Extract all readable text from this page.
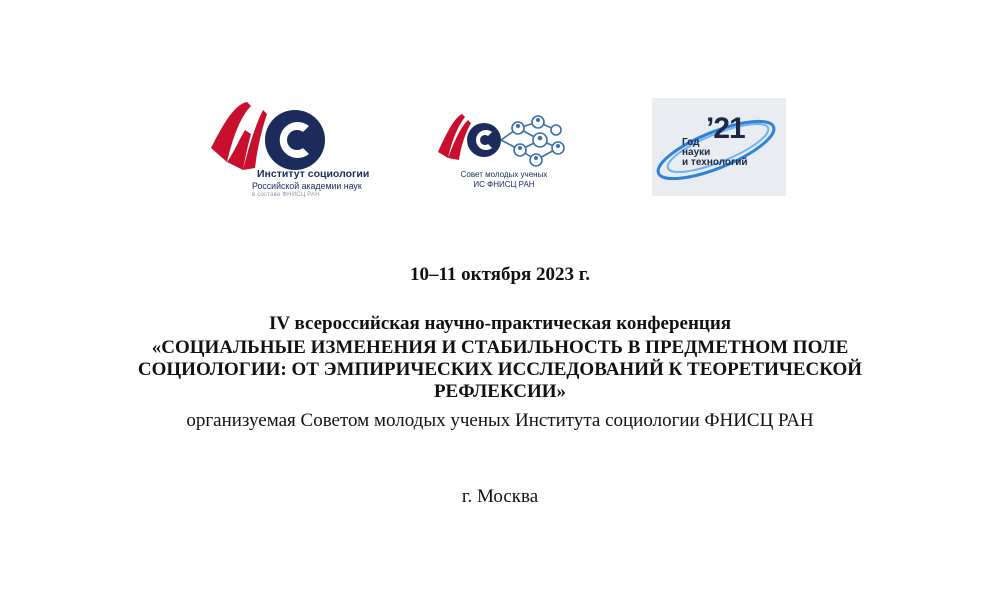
Институт социологии
Российской академии наук
в составе ФНИСЦ РАН
Совет молодых ученых
ИС ФНИСЦ РАН
’21
Год
науки
и технологий
10–11 октября 2023 г.
IV всероссийская научно-практическая конференция
«СОЦИАЛЬНЫЕ ИЗМЕНЕНИЯ И СТАБИЛЬНОСТЬ В ПРЕДМЕТНОМ ПОЛЕ СОЦИОЛОГИИ: ОТ ЭМПИРИЧЕСКИХ ИССЛЕДОВАНИЙ К ТЕОРЕТИЧЕСКОЙ РЕФЛЕКСИИ»
организуемая Советом молодых ученых Института социологии ФНИСЦ РАН
г. Москва
